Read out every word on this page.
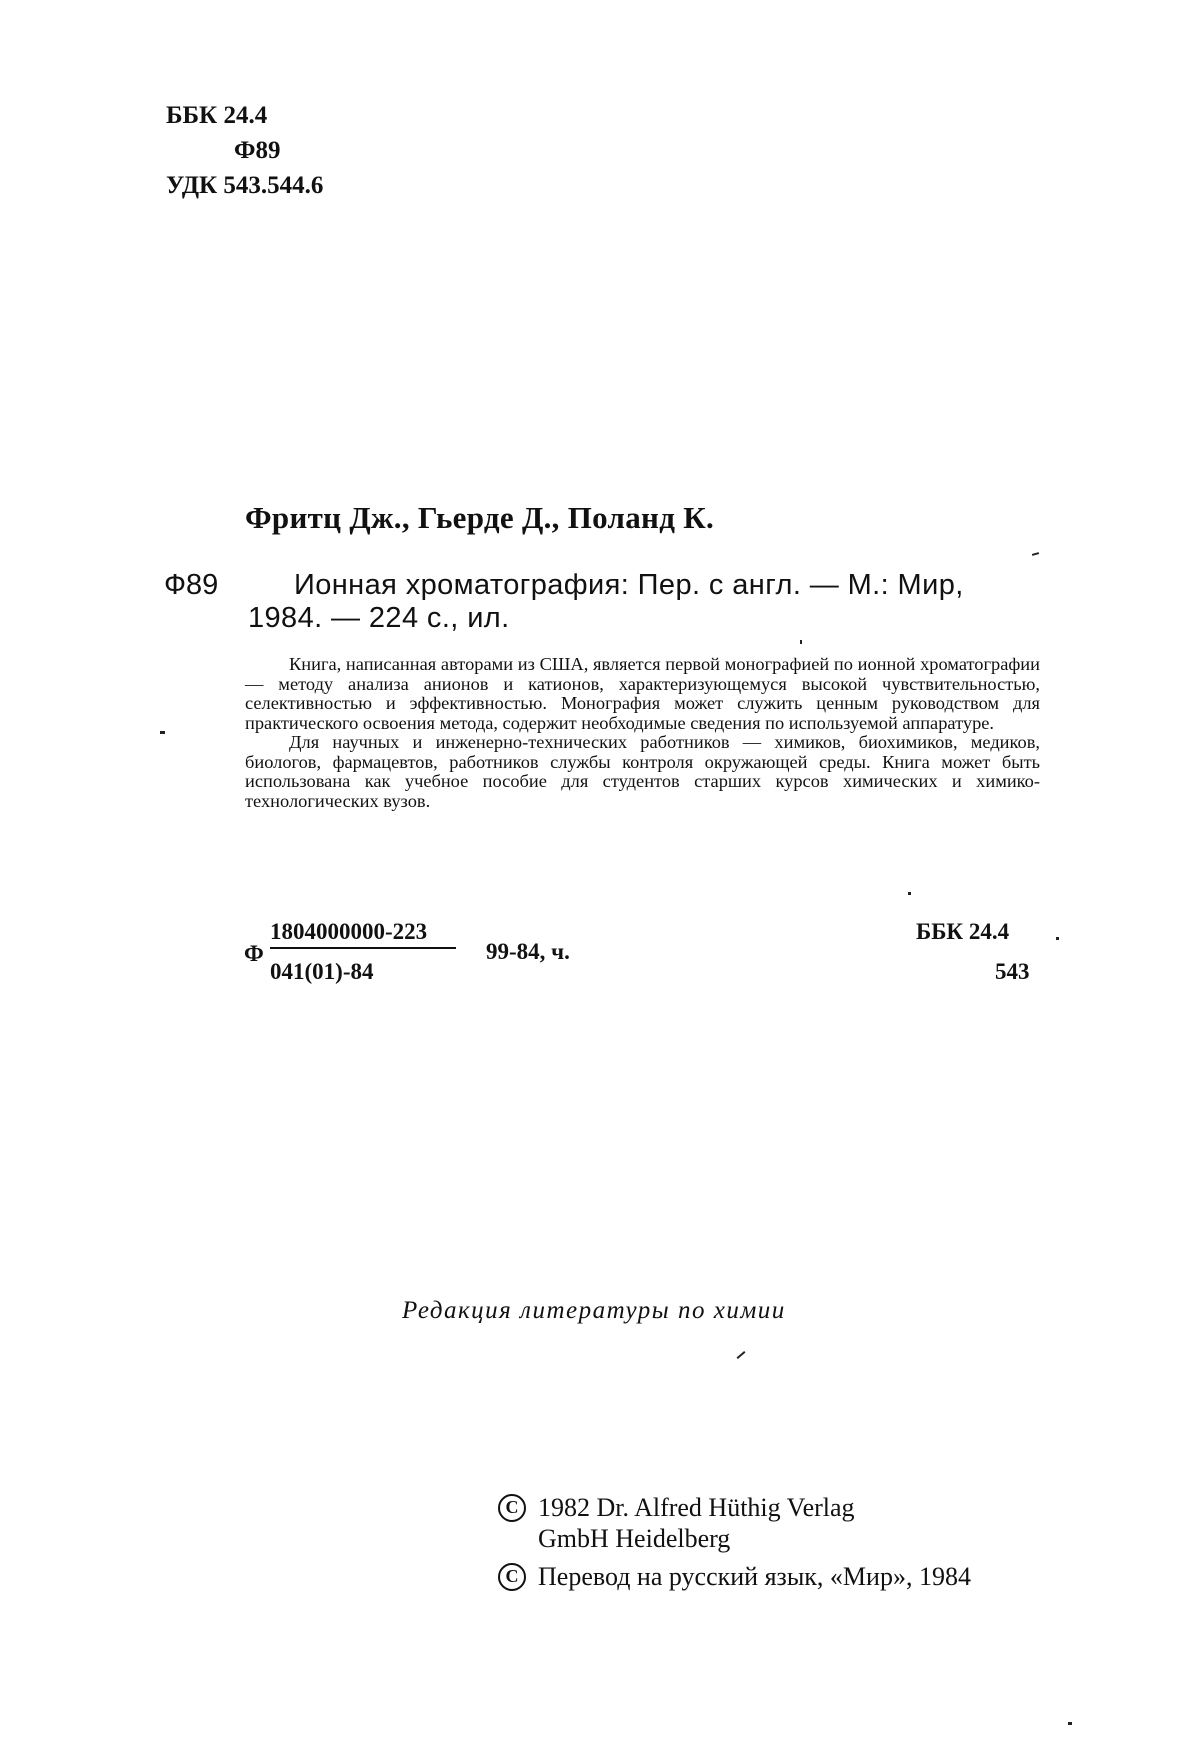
ББК 24.4
Ф89
УДК 543.544.6
Фритц Дж., Гьерде Д., Поланд К.
Ф89	Ионная хроматография: Пер. с англ. — М.: Мир,
1984. — 224 с., ил.

Книга, написанная авторами из США, является первой монографией по ионной хроматографии — методу анализа анионов и катионов, характеризующемуся высокой чувствительностью, селективностью и эффективностью. Монография может служить ценным руководством для практического освоения метода, содержит необходимые сведения по используемой аппаратуре.

Для научных и инженерно-технических работников — химиков, биохимиков, медиков, биологов, фармацевтов, работников службы контроля окружающей среды. Книга может быть использована как учебное пособие для студентов старших курсов химических и химико-технологических вузов.

Ф
1804000000-223
041(01)-84
99-84, ч.
ББК 24.4
543
Редакция литературы по химии
C 1982 Dr. Alfred Hüthig Verlag
GmbH Heidelberg
C Перевод на русский язык, «Мир», 1984
